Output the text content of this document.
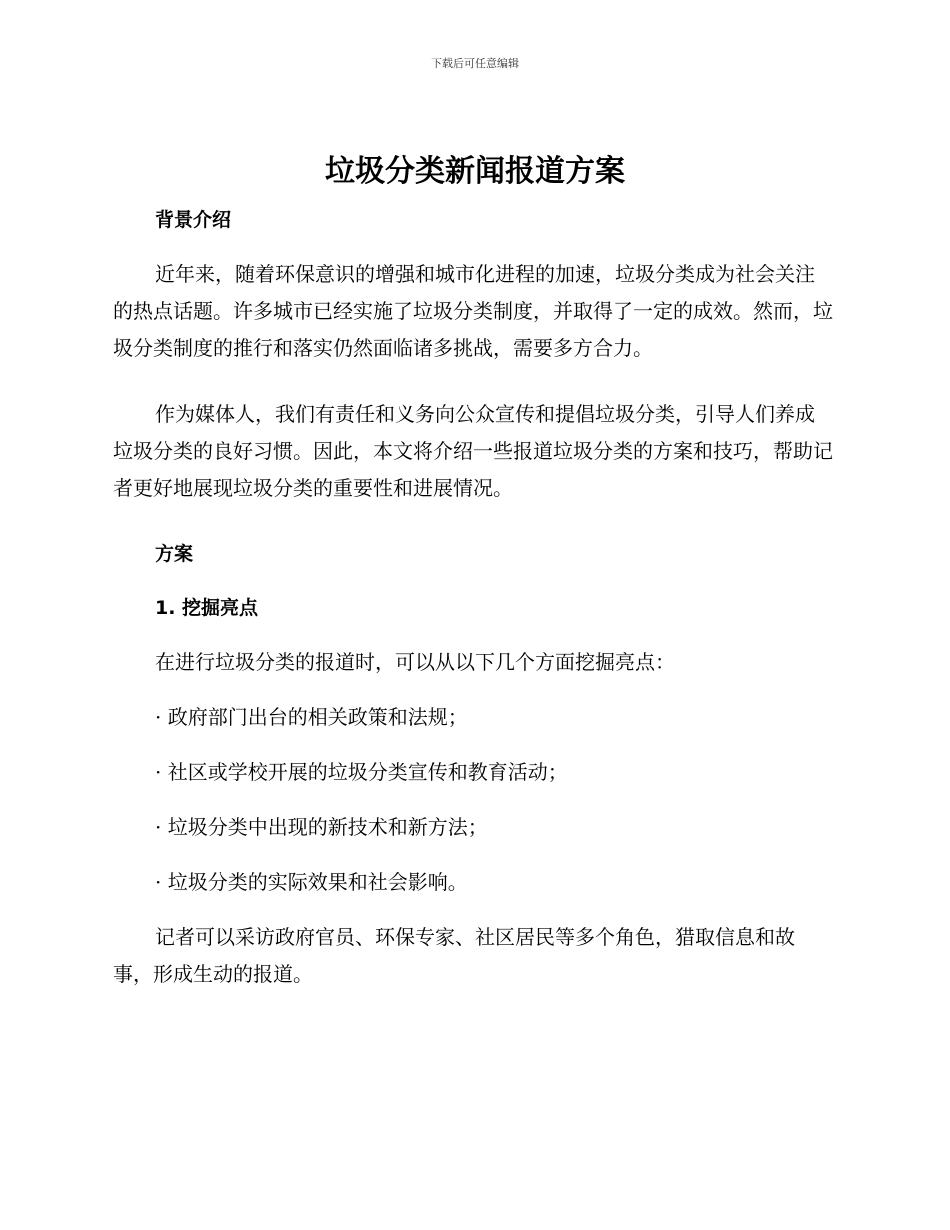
下载后可任意编辑
垃圾分类新闻报道方案

背景介绍

近年来，随着环保意识的增强和城市化进程的加速，垃圾分类成为社会关注的热点话题。许多城市已经实施了垃圾分类制度，并取得了一定的成效。然而，垃圾分类制度的推行和落实仍然面临诸多挑战，需要多方合力。

作为媒体人，我们有责任和义务向公众宣传和提倡垃圾分类，引导人们养成垃圾分类的良好习惯。因此，本文将介绍一些报道垃圾分类的方案和技巧，帮助记者更好地展现垃圾分类的重要性和进展情况。

方案

1. 挖掘亮点

在进行垃圾分类的报道时，可以从以下几个方面挖掘亮点：

· 政府部门出台的相关政策和法规；

· 社区或学校开展的垃圾分类宣传和教育活动；

· 垃圾分类中出现的新技术和新方法；

· 垃圾分类的实际效果和社会影响。

记者可以采访政府官员、环保专家、社区居民等多个角色，猎取信息和故事，形成生动的报道。
